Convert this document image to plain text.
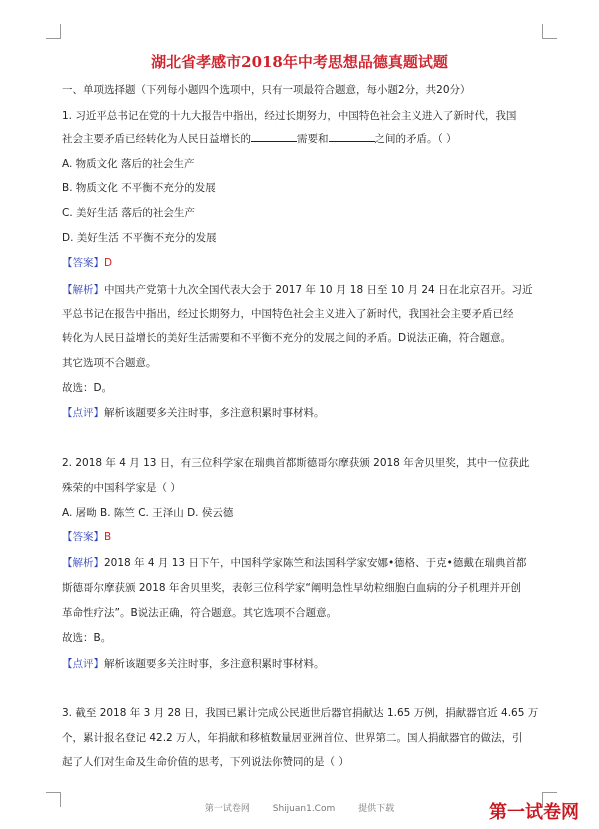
湖北省孝感市2018年中考思想品德真题试题
一、单项选择题（下列每小题四个选项中，只有一项最符合题意，每小题2分，共20分）
1. 习近平总书记在党的十九大报告中指出，经过长期努力，中国特色社会主义进入了新时代，我国
社会主要矛盾已经转化为人民日益增长的	需要和	之间的矛盾。（ ）
A. 物质文化 落后的社会生产
B. 物质文化 不平衡不充分的发展
C. 美好生活 落后的社会生产
D. 美好生活 不平衡不充分的发展
【答案】D
【解析】中国共产党第十九次全国代表大会于 2017 年 10 月 18 日至 10 月 24 日在北京召开。习近
平总书记在报告中指出，经过长期努力，中国特色社会主义进入了新时代，我国社会主要矛盾已经
转化为人民日益增长的美好生活需要和不平衡不充分的发展之间的矛盾。D说法正确，符合题意。
其它选项不合题意。
故选：D。
【点评】解析该题要多关注时事，多注意积累时事材料。
2. 2018 年 4 月 13 日，有三位科学家在瑞典首都斯德哥尔摩获颁 2018 年舍贝里奖，其中一位获此
殊荣的中国科学家是（ ）
A. 屠呦 B. 陈竺 C. 王泽山 D. 侯云德
【答案】B
【解析】2018 年 4 月 13 日下午，中国科学家陈竺和法国科学家安娜•德格、于克•德戴在瑞典首都
斯德哥尔摩获颁 2018 年舍贝里奖，表彰三位科学家“阐明急性早幼粒细胞白血病的分子机理并开创
革命性疗法”。B说法正确，符合题意。其它选项不合题意。
故选：B。
【点评】解析该题要多关注时事，多注意积累时事材料。
3. 截至 2018 年 3 月 28 日，我国已累计完成公民逝世后器官捐献达 1.65 万例，捐献器官近 4.65 万
个，累计报名登记 42.2 万人，年捐献和移植数量居亚洲首位、世界第二。国人捐献器官的做法，引
起了人们对生命及生命价值的思考，下列说法你赞同的是（ ）
第一试卷网	Shijuan1.Com	提供下载	第一试卷网
